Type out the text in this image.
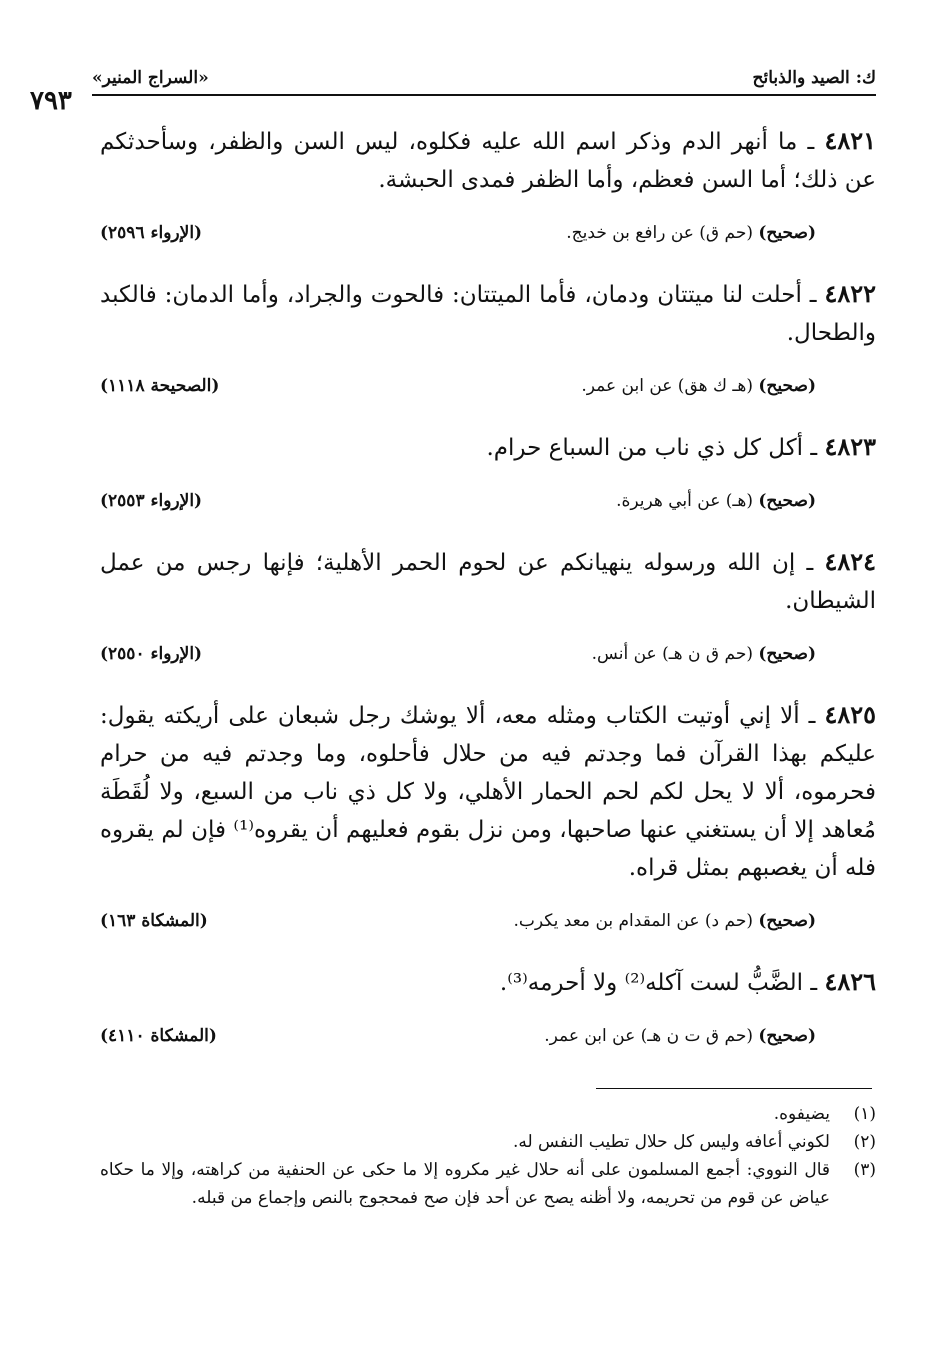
٧٩٣
«السراج المنير»	ك: الصيد والذبائح
٤٨٢١ ـ ما أنهر الدم وذكر اسم الله عليه فكلوه، ليس السن والظفر، وسأحدثكم عن ذلك؛ أما السن فعظم، وأما الظفر فمدى الحبشة.
(صحيح) (حم ق) عن رافع بن خديج.
(الإرواء ٢٥٩٦)
٤٨٢٢ ـ أحلت لنا ميتتان ودمان، فأما الميتتان: فالحوت والجراد، وأما الدمان: فالكبد والطحال.
(صحيح) (هـ ك هق) عن ابن عمر.
(الصحيحة ١١١٨)
٤٨٢٣ ـ أكل كل ذي ناب من السباع حرام.
(صحيح) (هـ) عن أبي هريرة.
(الإرواء ٢٥٥٣)
٤٨٢٤ ـ إن الله ورسوله ينهيانكم عن لحوم الحمر الأهلية؛ فإنها رجس من عمل الشيطان.
(صحيح) (حم ق ن هـ) عن أنس.
(الإرواء ٢٥٥٠)
٤٨٢٥ ـ ألا إني أوتيت الكتاب ومثله معه، ألا يوشك رجل شبعان على أريكته يقول: عليكم بهذا القرآن فما وجدتم فيه من حلال فأحلوه، وما وجدتم فيه من حرام فحرموه، ألا لا يحل لكم لحم الحمار الأهلي، ولا كل ذي ناب من السبع، ولا لُقَطَة مُعاهد إلا أن يستغني عنها صاحبها، ومن نزل بقوم فعليهم أن يقروه⁽¹⁾ فإن لم يقروه فله أن يغصبهم بمثل قراه.
(صحيح) (حم د) عن المقدام بن معد يكرب.
(المشكاة ١٦٣)
٤٨٢٦ ـ الضَّبُّ لست آكله⁽²⁾ ولا أحرمه⁽³⁾.
(صحيح) (حم ق ت ن هـ) عن ابن عمر.
(المشكاة ٤١١٠)
(١)
يضيفوه.
(٢)
لكوني أعافه وليس كل حلال تطيب النفس له.
(٣)
قال النووي: أجمع المسلمون على أنه حلال غير مكروه إلا ما حكى عن الحنفية من كراهته، وإلا ما حكاه عياض عن قوم من تحريمه، ولا أظنه يصح عن أحد فإن صح فمحجوج بالنص وإجماع من قبله.
